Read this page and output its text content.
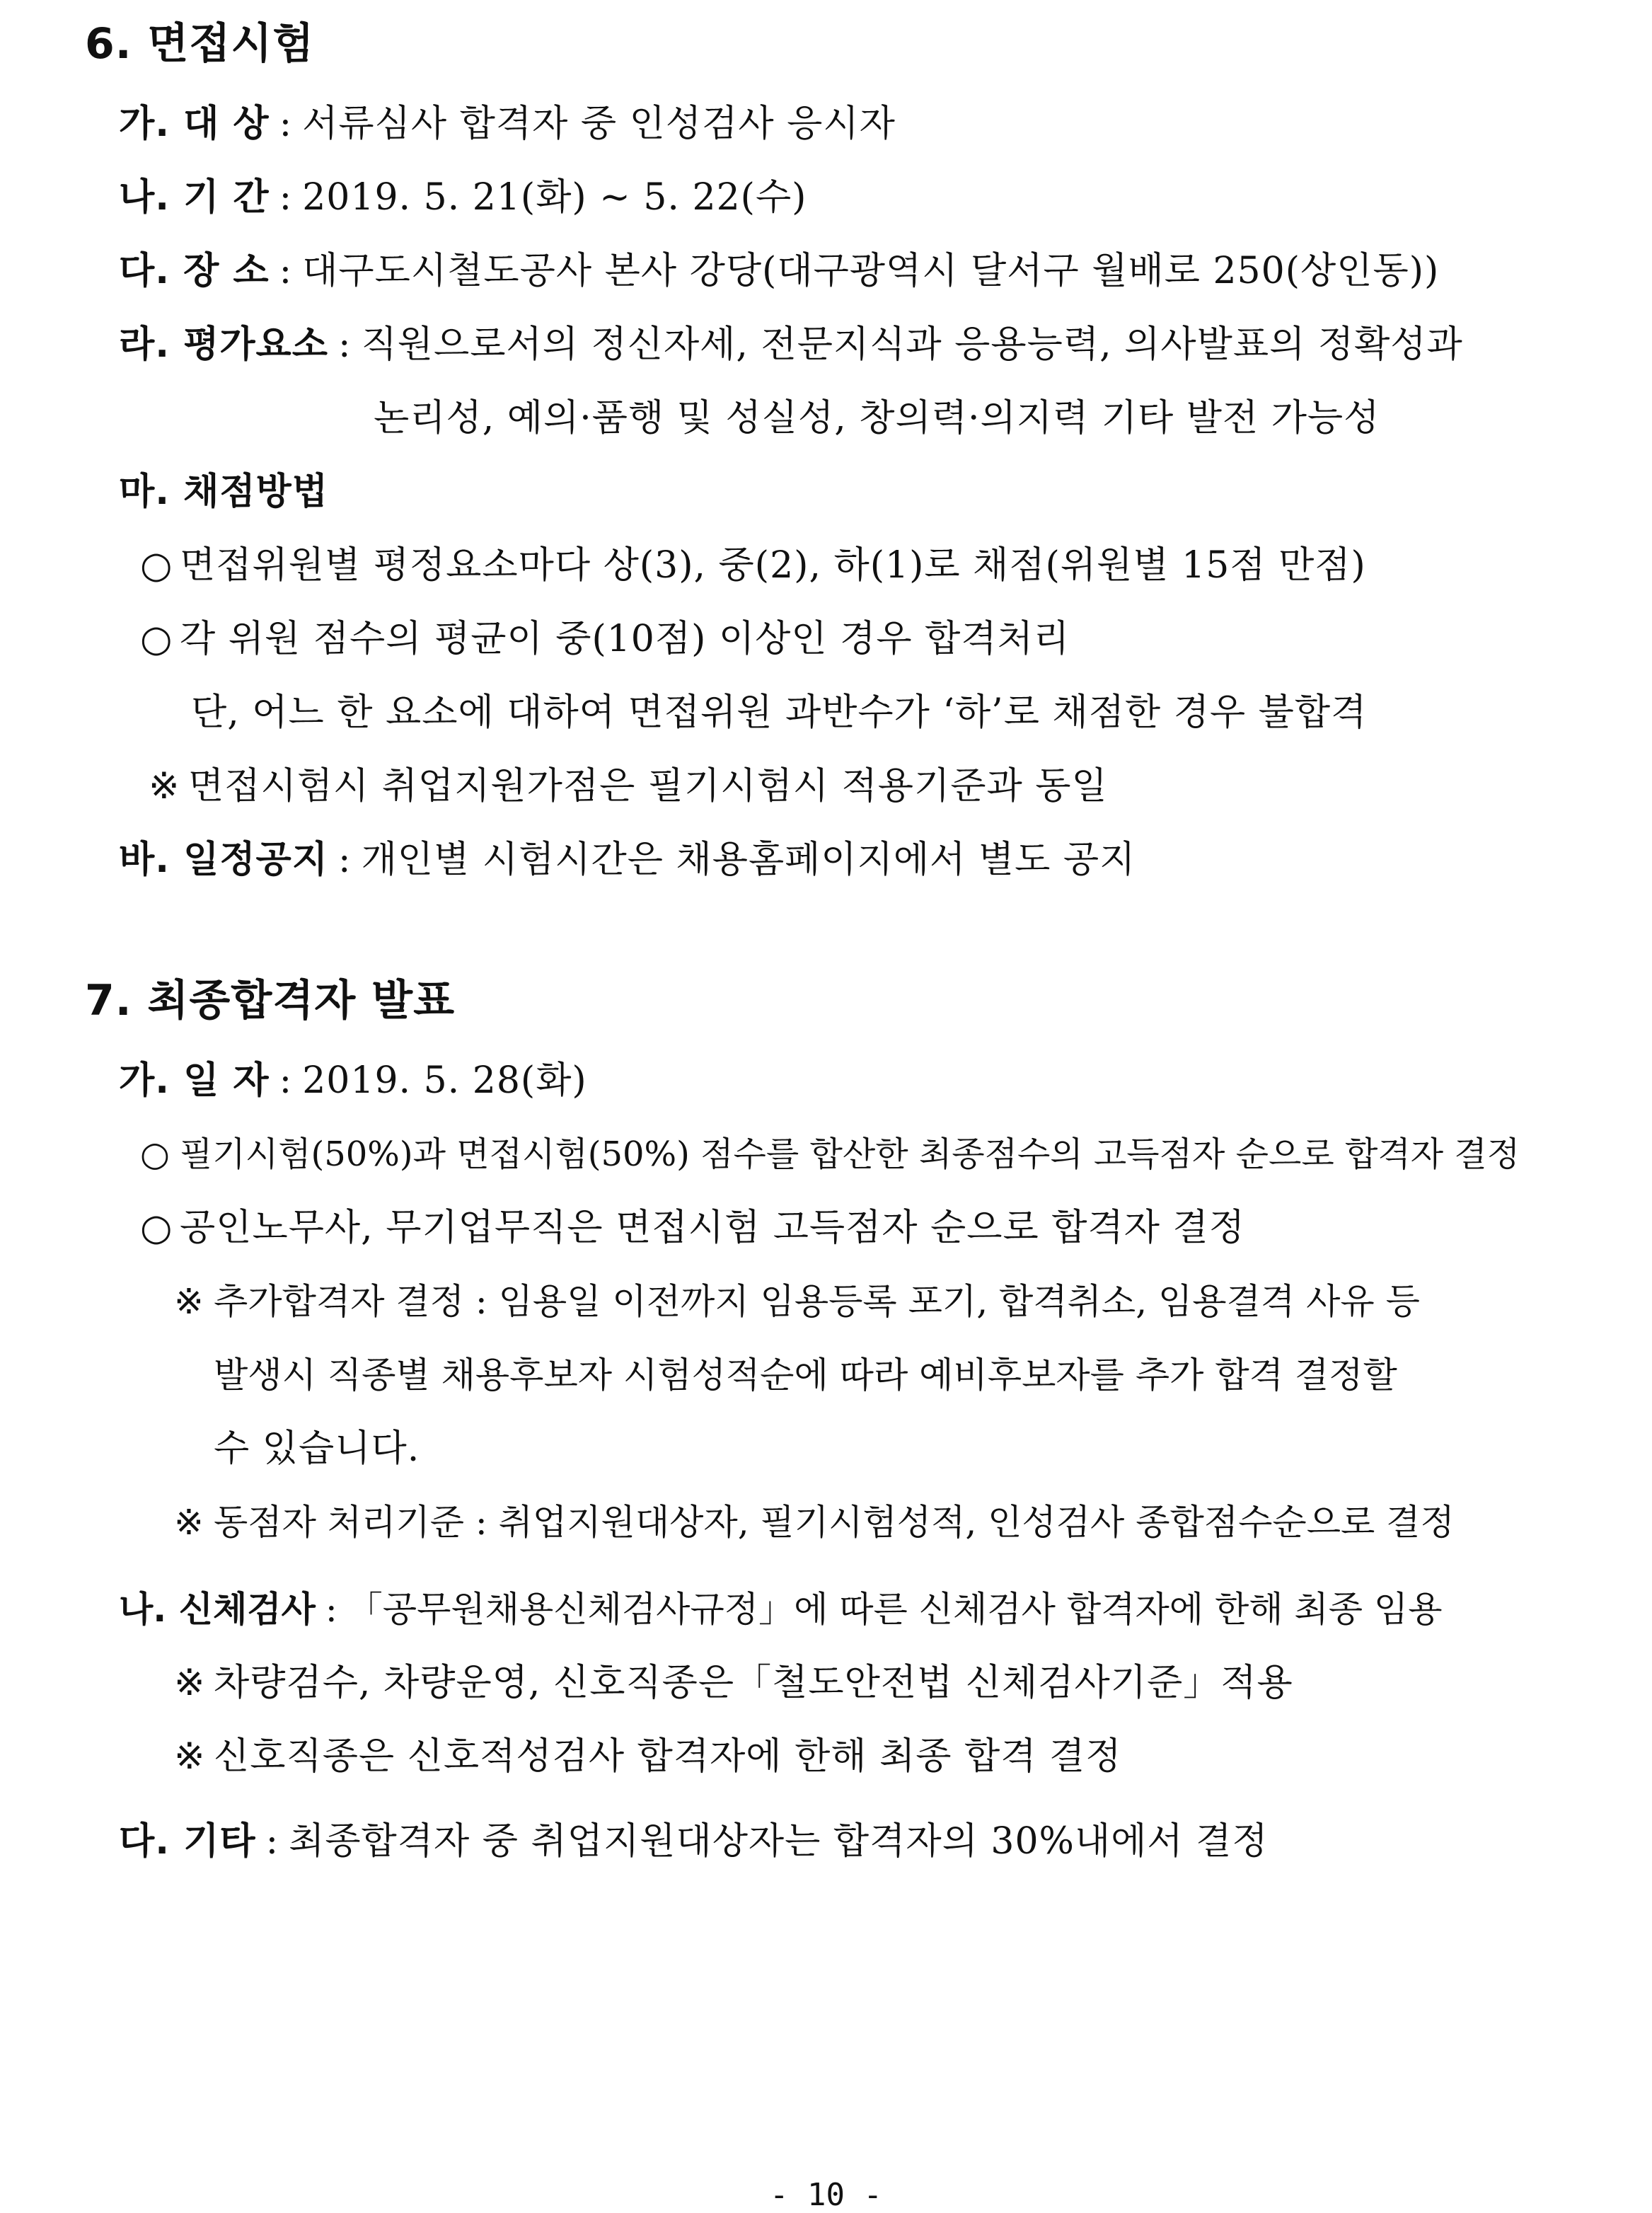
6. 면접시험
가. 대 상 : 서류심사 합격자 중 인성검사 응시자
나. 기 간 : 2019. 5. 21(화) ~ 5. 22(수)
다. 장 소 : 대구도시철도공사 본사 강당(대구광역시 달서구 월배로 250(상인동))
라. 평가요소 : 직원으로서의 정신자세, 전문지식과 응용능력, 의사발표의 정확성과
논리성, 예의·품행 및 성실성, 창의력·의지력 기타 발전 가능성
마. 채점방법
○ 면접위원별 평정요소마다 상(3), 중(2), 하(1)로 채점(위원별 15점 만점)
○ 각 위원 점수의 평균이 중(10점) 이상인 경우 합격처리
단, 어느 한 요소에 대하여 면접위원 과반수가 ‘하’로 채점한 경우 불합격
※ 면접시험시 취업지원가점은 필기시험시 적용기준과 동일
바. 일정공지 : 개인별 시험시간은 채용홈페이지에서 별도 공지
7. 최종합격자 발표
가. 일 자 : 2019. 5. 28(화)
○ 필기시험(50%)과 면접시험(50%) 점수를 합산한 최종점수의 고득점자 순으로 합격자 결정
○ 공인노무사, 무기업무직은 면접시험 고득점자 순으로 합격자 결정
※ 추가합격자 결정 : 임용일 이전까지 임용등록 포기, 합격취소, 임용결격 사유 등
발생시 직종별 채용후보자 시험성적순에 따라 예비후보자를 추가 합격 결정할
수 있습니다.
※ 동점자 처리기준 : 취업지원대상자, 필기시험성적, 인성검사 종합점수순으로 결정
나. 신체검사 : 「공무원채용신체검사규정」에 따른 신체검사 합격자에 한해 최종 임용
※ 차량검수, 차량운영, 신호직종은「철도안전법 신체검사기준」적용
※ 신호직종은 신호적성검사 합격자에 한해 최종 합격 결정
다. 기타 : 최종합격자 중 취업지원대상자는 합격자의 30%내에서 결정
- 10 -
